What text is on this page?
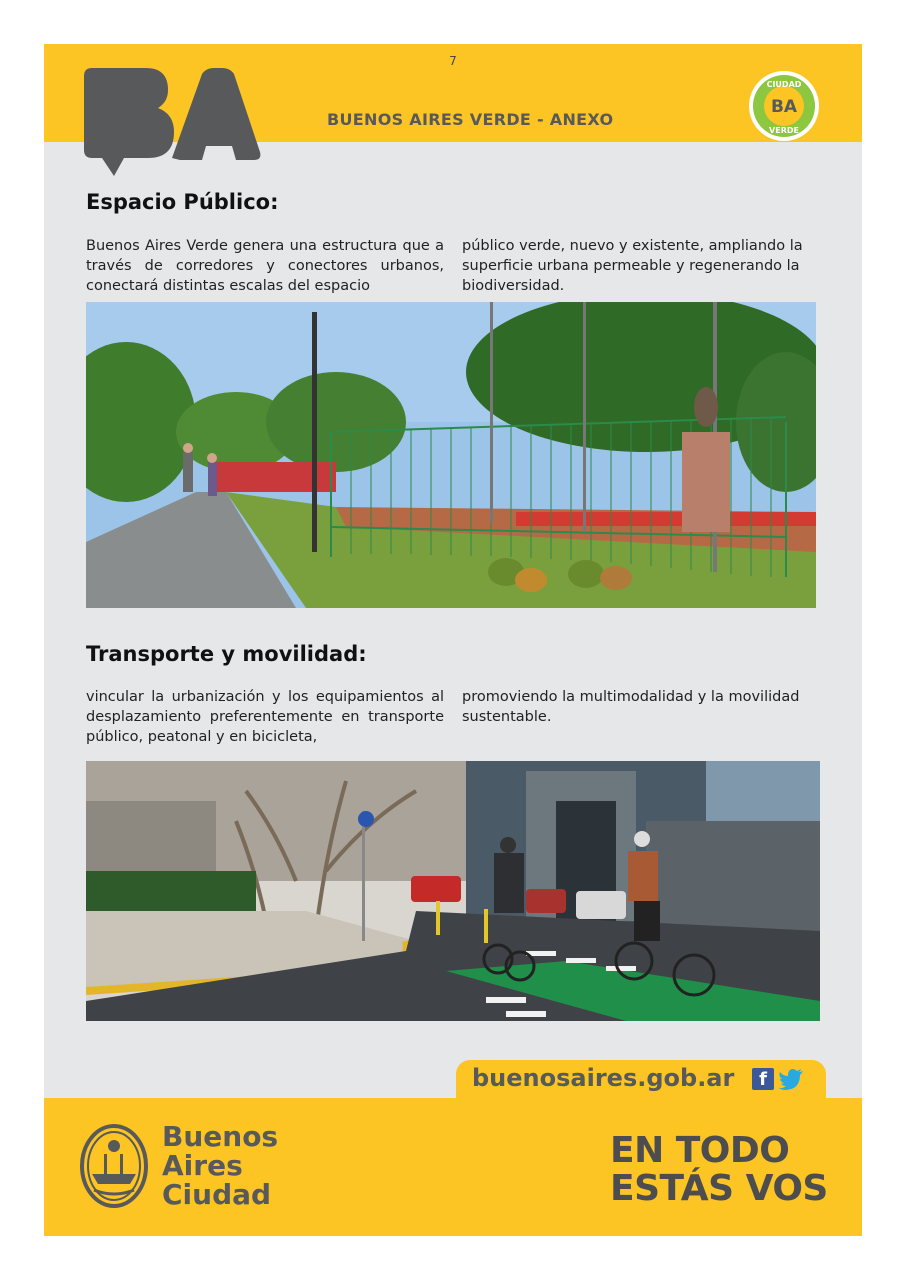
7
BUENOS AIRES VERDE - ANEXO
CIUDAD
BA
VERDE
Espacio Público:
Buenos Aires Verde genera una estructura que a través de corredores y conectores urbanos, conectará distintas escalas del espacio
público verde, nuevo y existente, ampliando la superficie urbana permeable y regenerando la biodiversidad.
Transporte y movilidad:
vincular la urbanización y los equipamientos al desplazamiento preferentemente en transporte público, peatonal y en bicicleta,
promoviendo la multimodalidad y la movilidad sustentable.
buenosaires.gob.ar	f
Buenos
Aires
Ciudad
EN TODO
ESTÁS VOS
